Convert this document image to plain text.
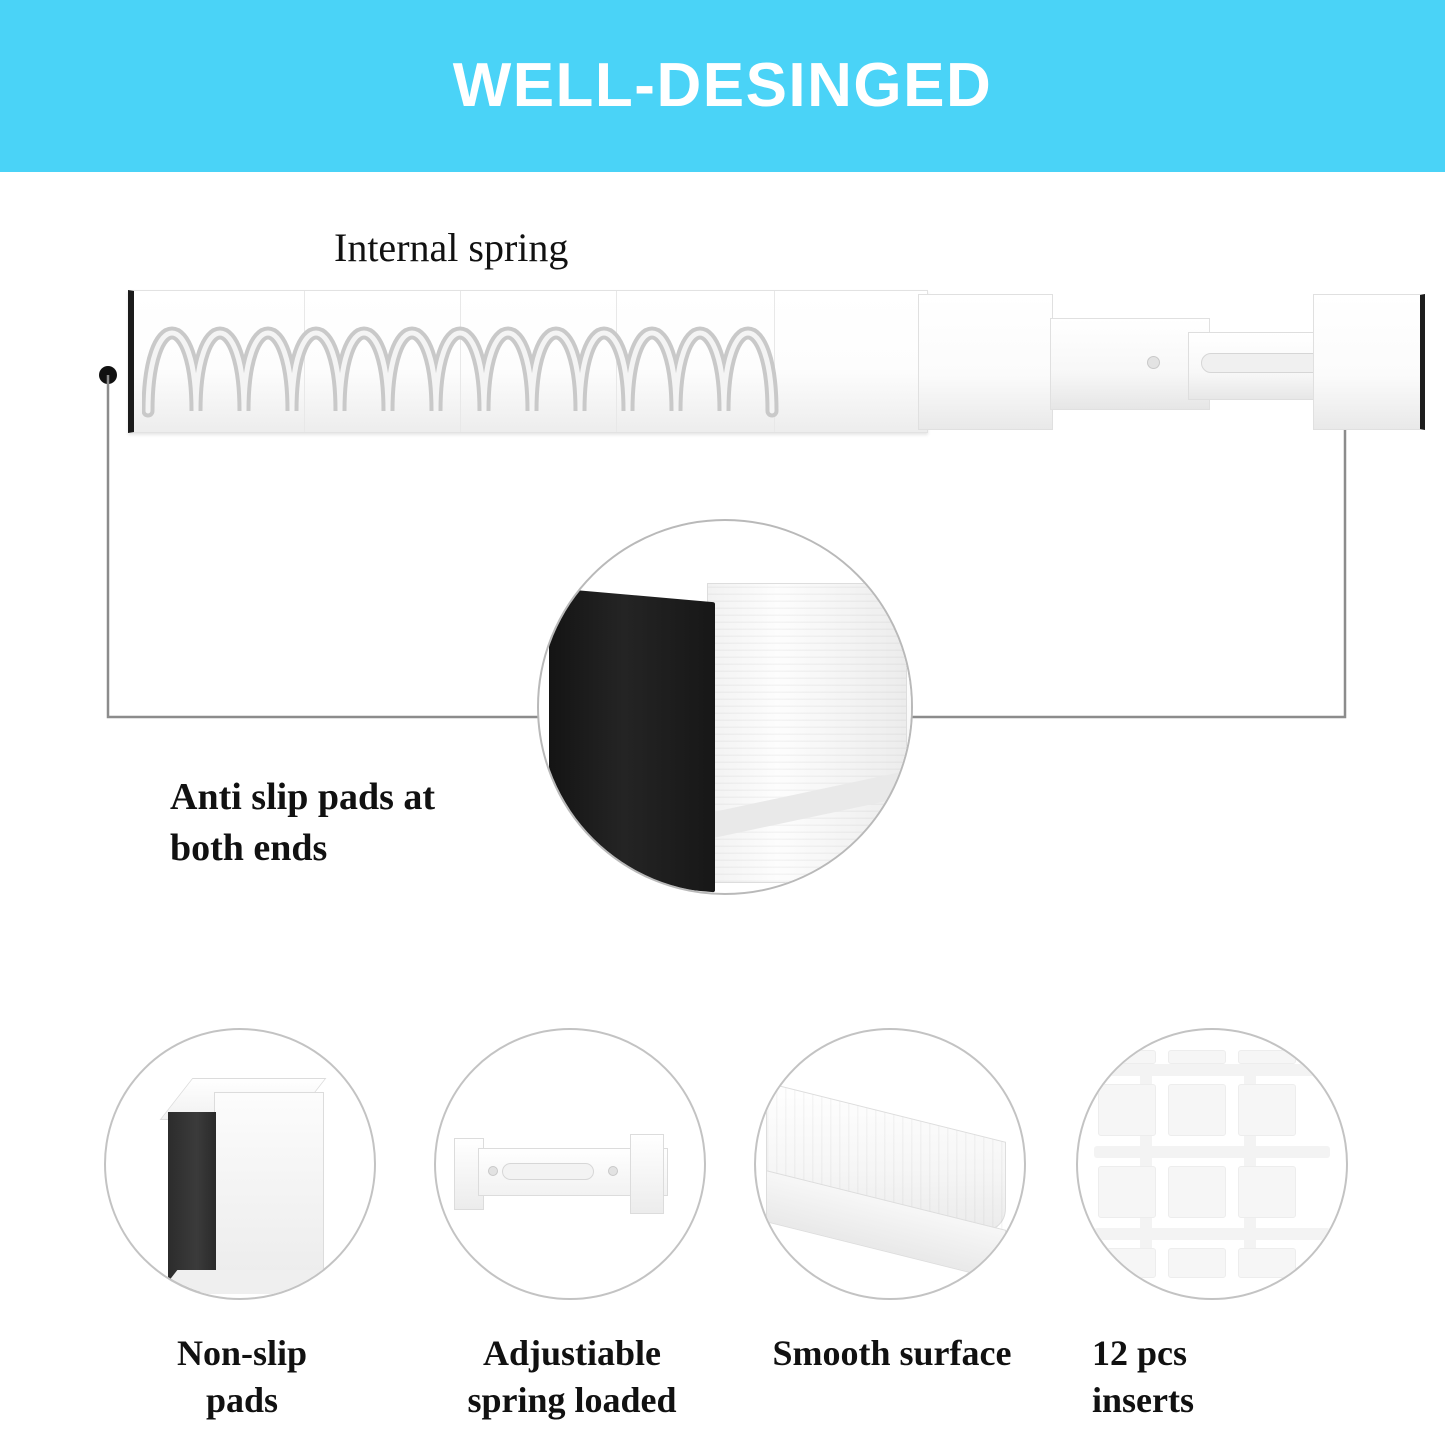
WELL-DESINGED
Internal spring
Anti slip pads at
both ends
Non-slip
pads
Adjustiable
spring loaded
Smooth surface	12 pcs
inserts
